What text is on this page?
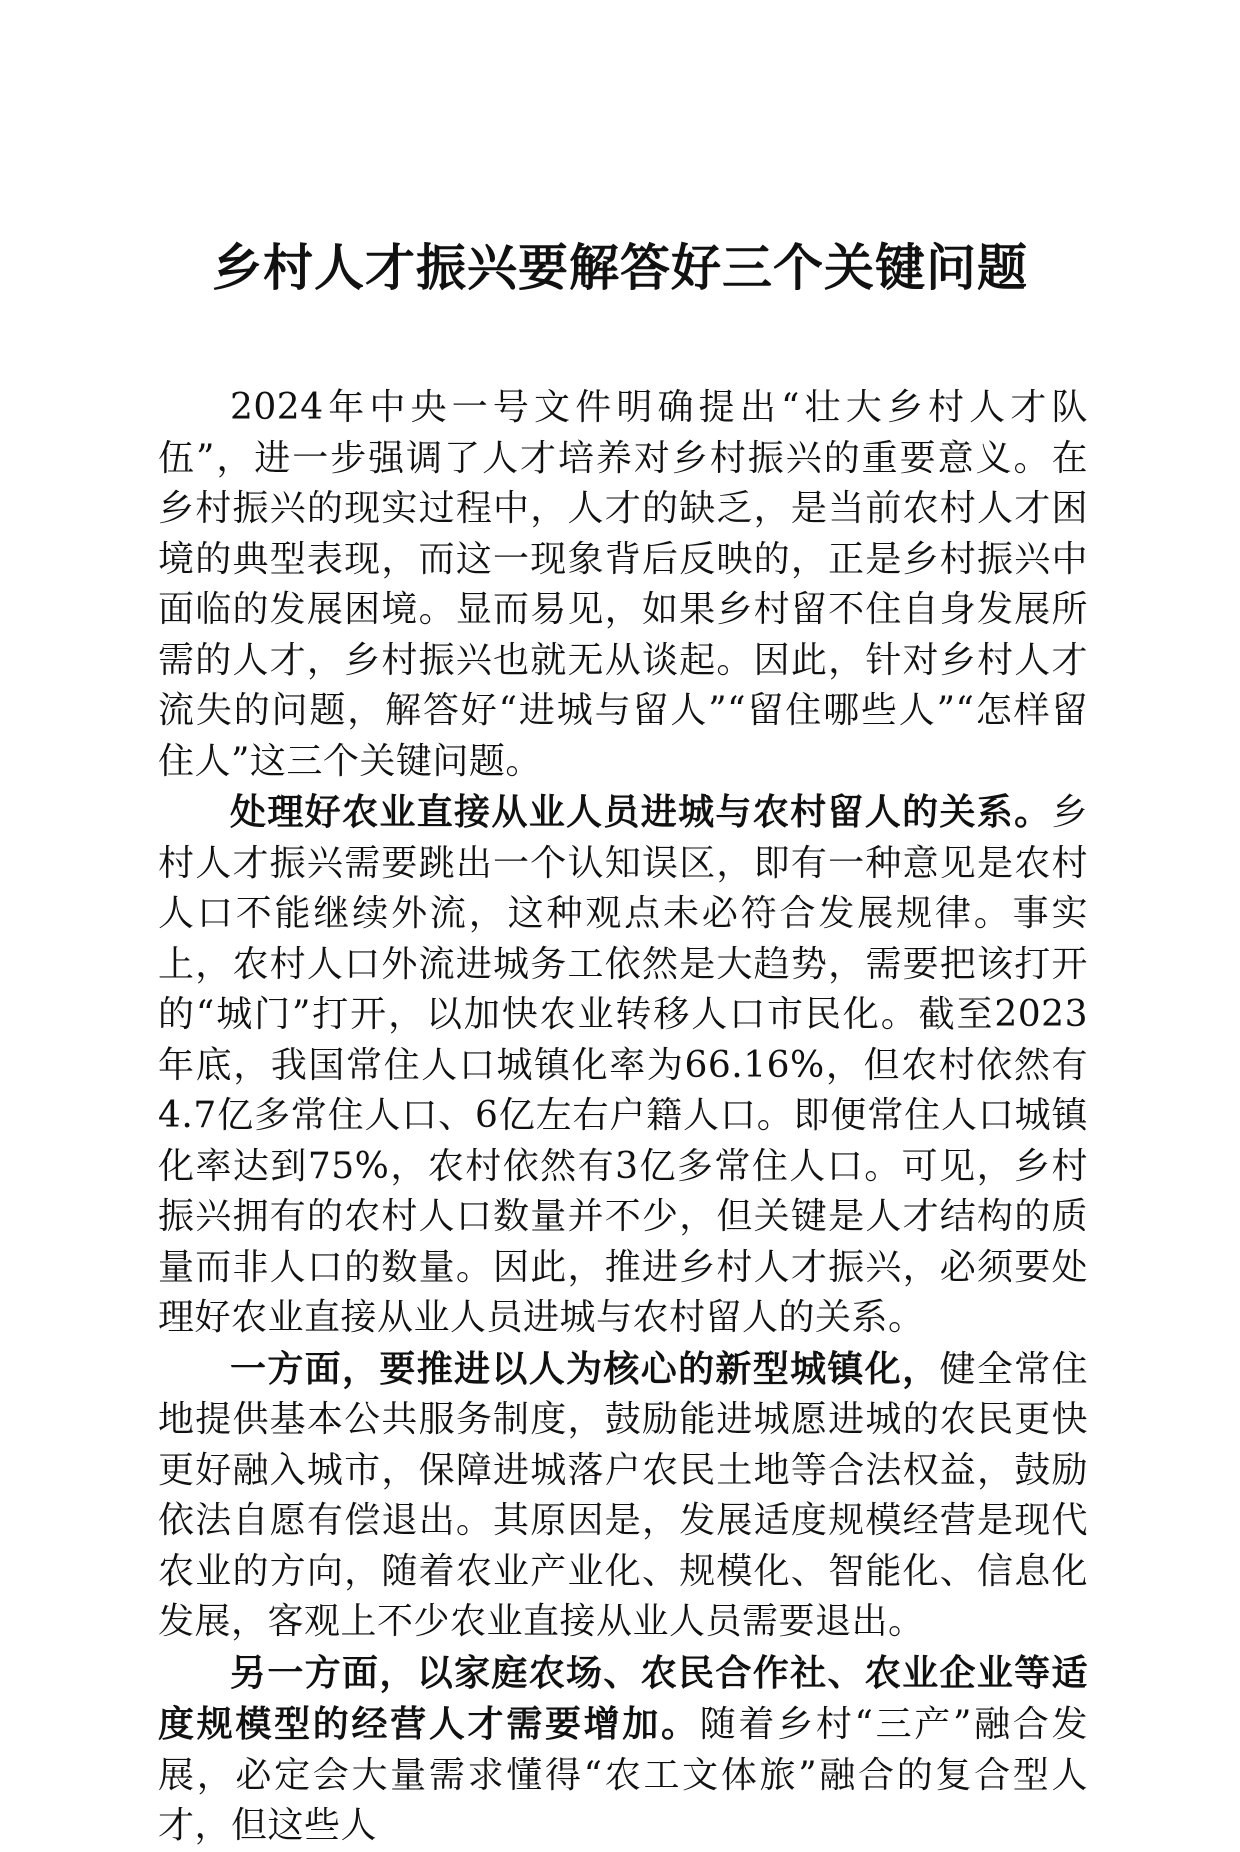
乡村人才振兴要解答好三个关键问题

2024年中央一号文件明确提出“壮大乡村人才队伍”，进一步强调了人才培养对乡村振兴的重要意义。在乡村振兴的现实过程中，人才的缺乏，是当前农村人才困境的典型表现，而这一现象背后反映的，正是乡村振兴中面临的发展困境。显而易见，如果乡村留不住自身发展所需的人才，乡村振兴也就无从谈起。因此，针对乡村人才流失的问题，解答好“进城与留人”“留住哪些人”“怎样留住人”这三个关键问题。

处理好农业直接从业人员进城与农村留人的关系。乡村人才振兴需要跳出一个认知误区，即有一种意见是农村人口不能继续外流，这种观点未必符合发展规律。事实上，农村人口外流进城务工依然是大趋势，需要把该打开的“城门”打开，以加快农业转移人口市民化。截至2023年底，我国常住人口城镇化率为66.16%，但农村依然有4.7亿多常住人口、6亿左右户籍人口。即便常住人口城镇化率达到75%，农村依然有3亿多常住人口。可见，乡村振兴拥有的农村人口数量并不少，但关键是人才结构的质量而非人口的数量。因此，推进乡村人才振兴，必须要处理好农业直接从业人员进城与农村留人的关系。

一方面，要推进以人为核心的新型城镇化，健全常住地提供基本公共服务制度，鼓励能进城愿进城的农民更快更好融入城市，保障进城落户农民土地等合法权益，鼓励依法自愿有偿退出。其原因是，发展适度规模经营是现代农业的方向，随着农业产业化、规模化、智能化、信息化发展，客观上不少农业直接从业人员需要退出。

另一方面，以家庭农场、农民合作社、农业企业等适度规模型的经营人才需要增加。随着乡村“三产”融合发展，必定会大量需求懂得“农工文体旅”融合的复合型人才，但这些人
